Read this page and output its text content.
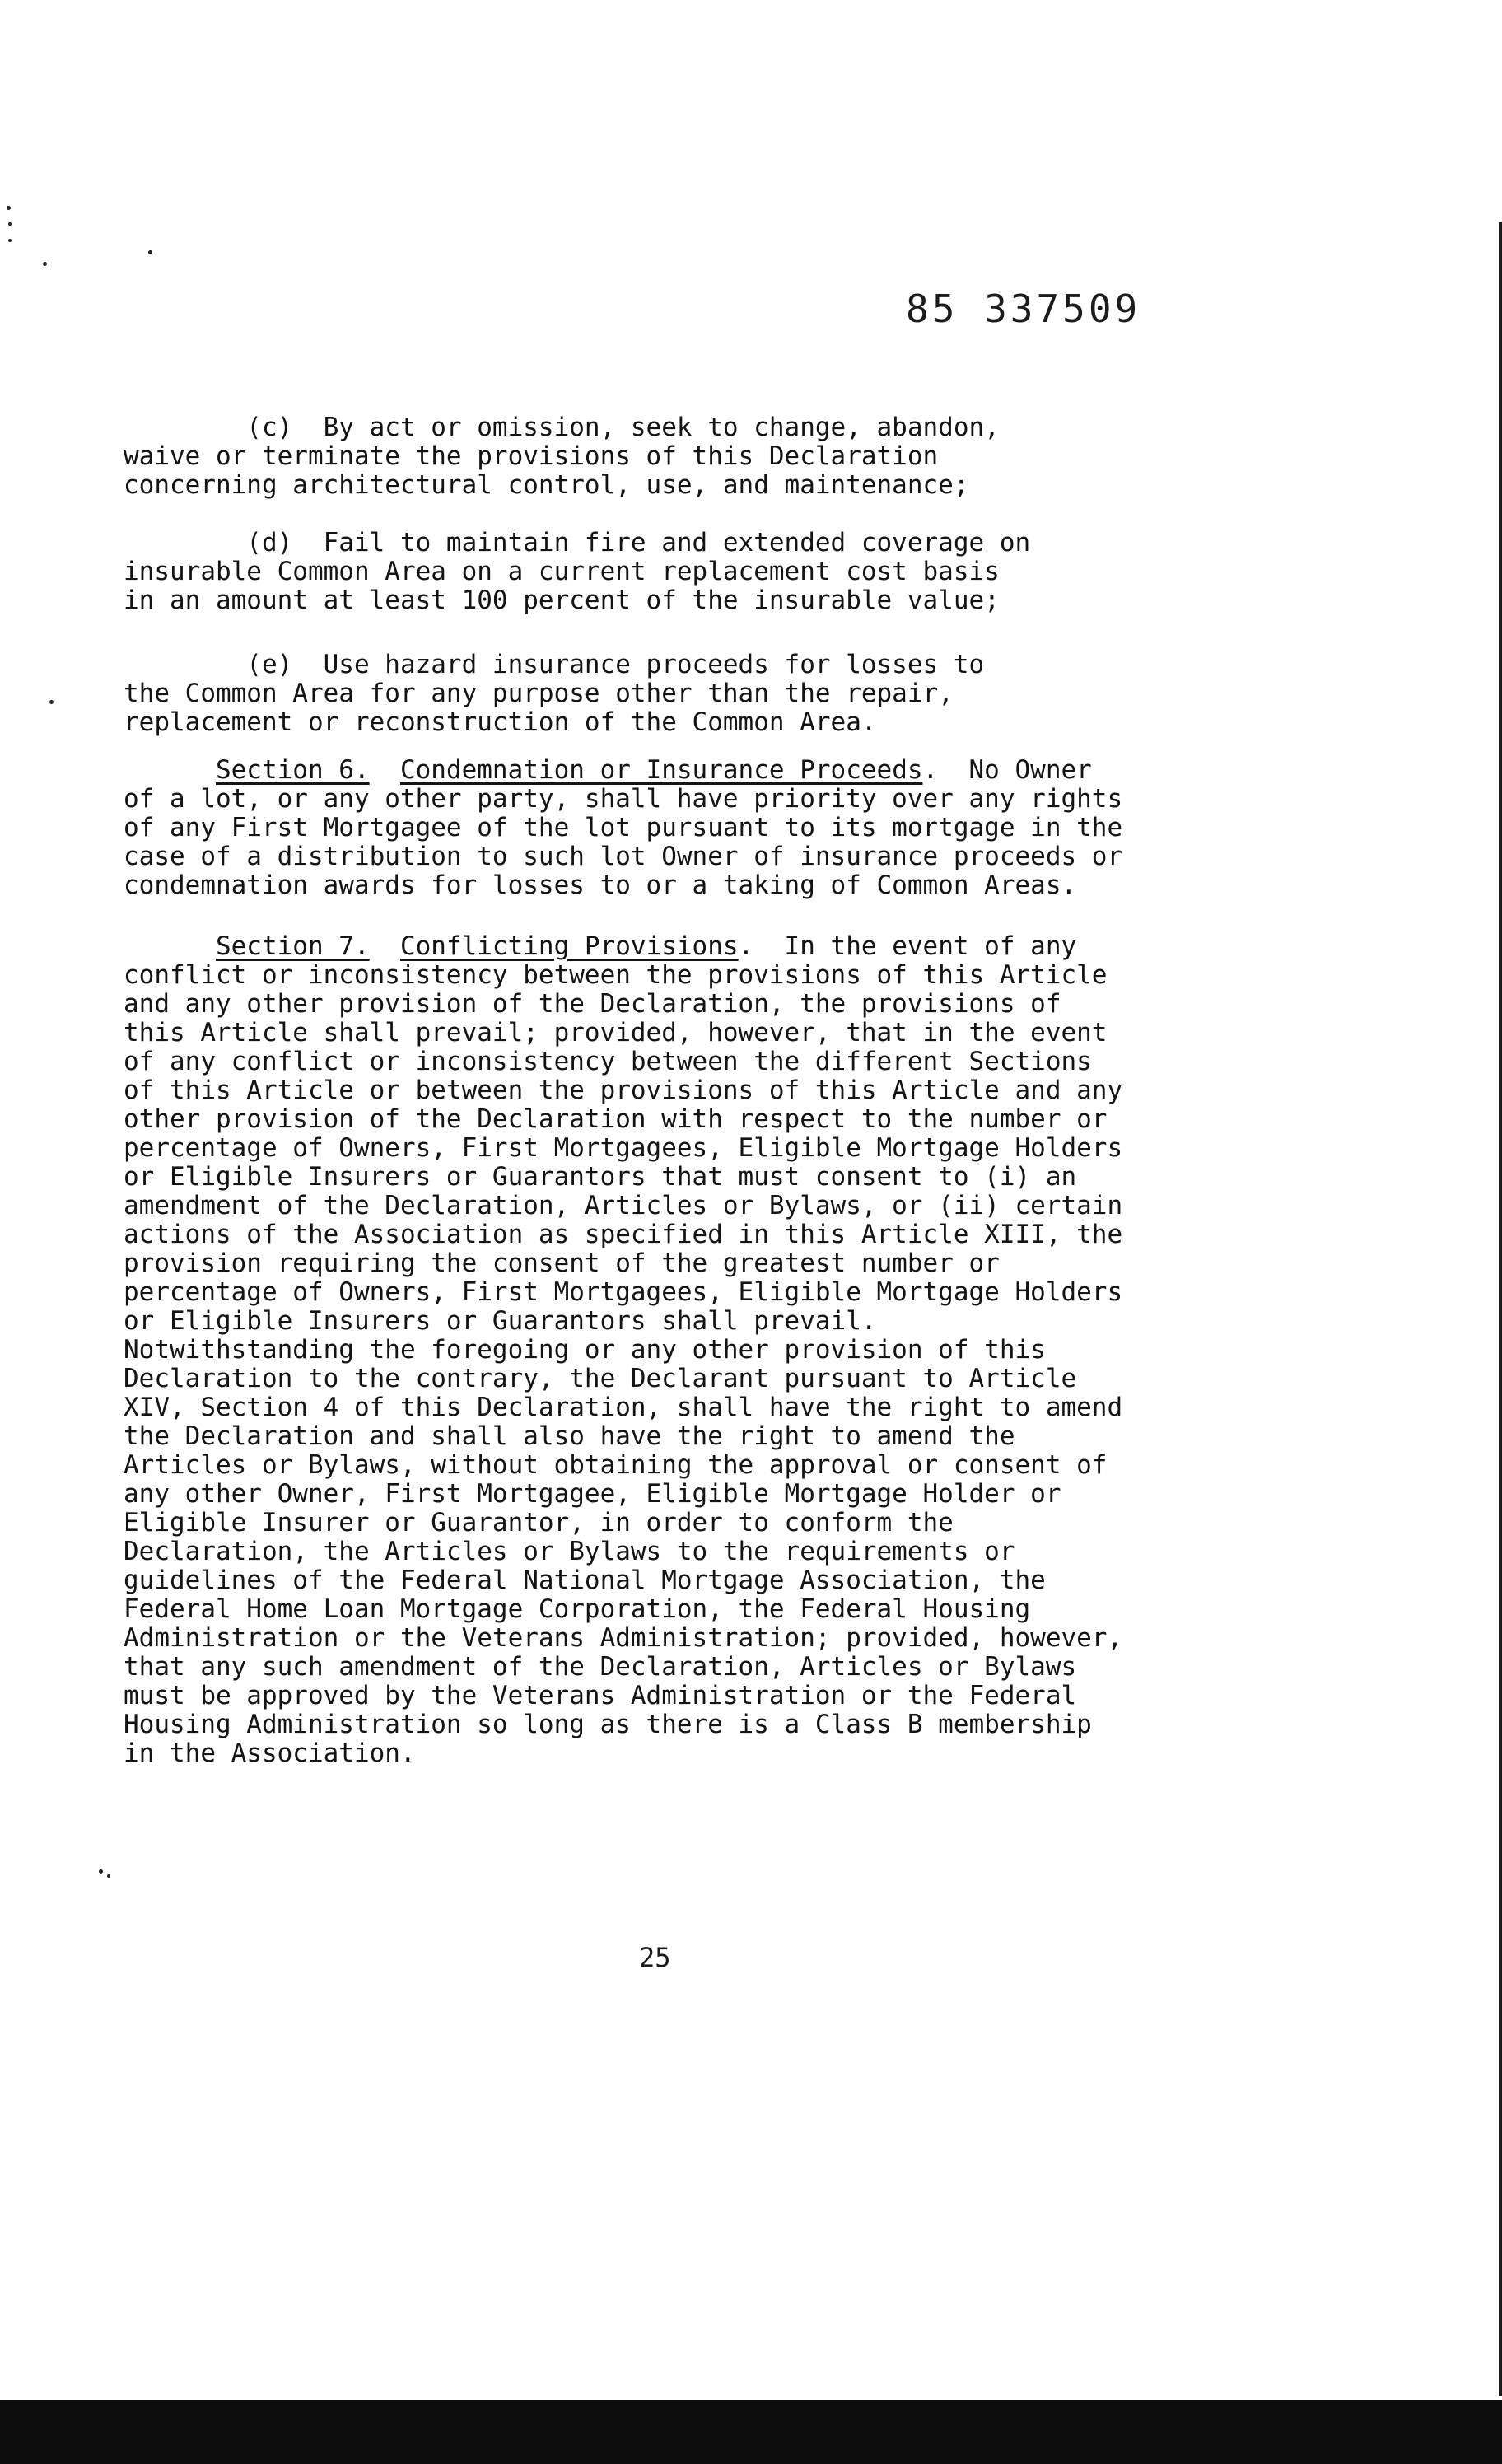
85 337509
(c)  By act or omission, seek to change, abandon,
waive or terminate the provisions of this Declaration
concerning architectural control, use, and maintenance;
(d)  Fail to maintain fire and extended coverage on
insurable Common Area on a current replacement cost basis
in an amount at least 100 percent of the insurable value;
(e)  Use hazard insurance proceeds for losses to
the Common Area for any purpose other than the repair,
replacement or reconstruction of the Common Area.
Section 6. Condemnation or Insurance Proceeds.  No Owner
of a lot, or any other party, shall have priority over any rights
of any First Mortgagee of the lot pursuant to its mortgage in the
case of a distribution to such lot Owner of insurance proceeds or
condemnation awards for losses to or a taking of Common Areas.
Section 7. Conflicting Provisions.  In the event of any
conflict or inconsistency between the provisions of this Article
and any other provision of the Declaration, the provisions of
this Article shall prevail; provided, however, that in the event
of any conflict or inconsistency between the different Sections
of this Article or between the provisions of this Article and any
other provision of the Declaration with respect to the number or
percentage of Owners, First Mortgagees, Eligible Mortgage Holders
or Eligible Insurers or Guarantors that must consent to (i) an
amendment of the Declaration, Articles or Bylaws, or (ii) certain
actions of the Association as specified in this Article XIII, the
provision requiring the consent of the greatest number or
percentage of Owners, First Mortgagees, Eligible Mortgage Holders
or Eligible Insurers or Guarantors shall prevail.
Notwithstanding the foregoing or any other provision of this
Declaration to the contrary, the Declarant pursuant to Article
XIV, Section 4 of this Declaration, shall have the right to amend
the Declaration and shall also have the right to amend the
Articles or Bylaws, without obtaining the approval or consent of
any other Owner, First Mortgagee, Eligible Mortgage Holder or
Eligible Insurer or Guarantor, in order to conform the
Declaration, the Articles or Bylaws to the requirements or
guidelines of the Federal National Mortgage Association, the
Federal Home Loan Mortgage Corporation, the Federal Housing
Administration or the Veterans Administration; provided, however,
that any such amendment of the Declaration, Articles or Bylaws
must be approved by the Veterans Administration or the Federal
Housing Administration so long as there is a Class B membership
in the Association.
25
